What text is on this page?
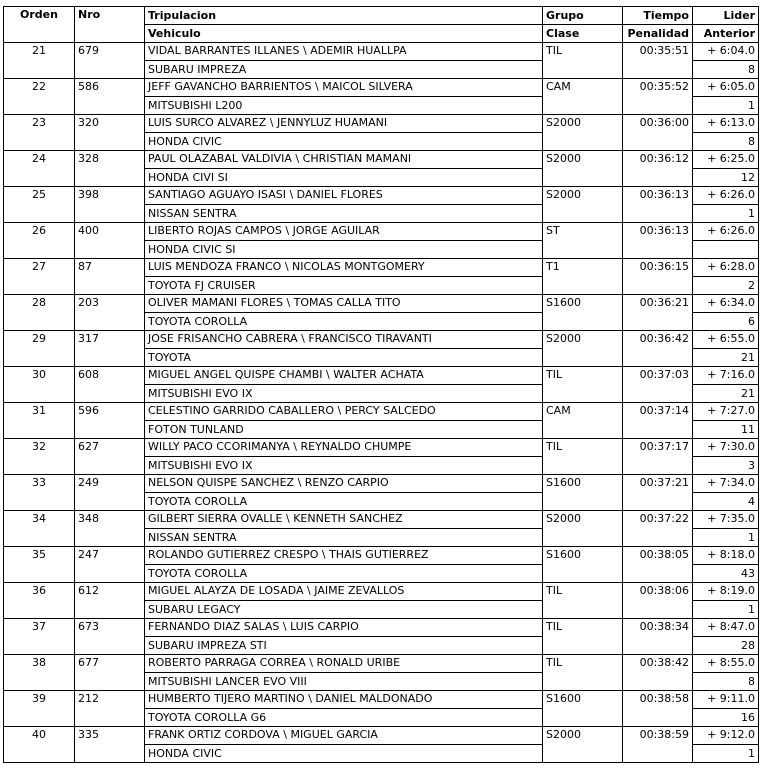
Orden	Nro	Tripulacion	Grupo	Tiempo	Lider
		Vehiculo	Clase	Penalidad	Anterior
21	679	VIDAL BARRANTES ILLANES \ ADEMIR HUALLPA	TIL	00:35:51	+ 6:04.0
		SUBARU IMPREZA			8
22	586	JEFF GAVANCHO BARRIENTOS \ MAICOL SILVERA	CAM	00:35:52	+ 6:05.0
		MITSUBISHI L200			1
23	320	LUIS SURCO ALVAREZ \ JENNYLUZ HUAMANI	S2000	00:36:00	+ 6:13.0
		HONDA CIVIC			8
24	328	PAUL OLAZABAL VALDIVIA \ CHRISTIAN MAMANI	S2000	00:36:12	+ 6:25.0
		HONDA CIVI SI			12
25	398	SANTIAGO AGUAYO ISASI \ DANIEL FLORES	S2000	00:36:13	+ 6:26.0
		NISSAN SENTRA			1
26	400	LIBERTO ROJAS CAMPOS \ JORGE AGUILAR	ST	00:36:13	+ 6:26.0
		HONDA CIVIC SI			
27	87	LUIS MENDOZA FRANCO \ NICOLAS MONTGOMERY	T1	00:36:15	+ 6:28.0
		TOYOTA FJ CRUISER			2
28	203	OLIVER MAMANI FLORES \ TOMAS CALLA TITO	S1600	00:36:21	+ 6:34.0
		TOYOTA COROLLA			6
29	317	JOSE FRISANCHO CABRERA \ FRANCISCO TIRAVANTI	S2000	00:36:42	+ 6:55.0
		TOYOTA			21
30	608	MIGUEL ANGEL QUISPE CHAMBI \ WALTER ACHATA	TIL	00:37:03	+ 7:16.0
		MITSUBISHI EVO IX			21
31	596	CELESTINO GARRIDO CABALLERO \ PERCY SALCEDO	CAM	00:37:14	+ 7:27.0
		FOTON TUNLAND			11
32	627	WILLY PACO CCORIMANYA \ REYNALDO CHUMPE	TIL	00:37:17	+ 7:30.0
		MITSUBISHI EVO IX			3
33	249	NELSON QUISPE SANCHEZ \ RENZO CARPIO	S1600	00:37:21	+ 7:34.0
		TOYOTA COROLLA			4
34	348	GILBERT SIERRA OVALLE \ KENNETH SANCHEZ	S2000	00:37:22	+ 7:35.0
		NISSAN SENTRA			1
35	247	ROLANDO GUTIERREZ CRESPO \ THAIS GUTIERREZ	S1600	00:38:05	+ 8:18.0
		TOYOTA COROLLA			43
36	612	MIGUEL ALAYZA DE LOSADA \ JAIME ZEVALLOS	TIL	00:38:06	+ 8:19.0
		SUBARU LEGACY			1
37	673	FERNANDO DIAZ SALAS \ LUIS CARPIO	TIL	00:38:34	+ 8:47.0
		SUBARU IMPREZA STI			28
38	677	ROBERTO PARRAGA CORREA \ RONALD URIBE	TIL	00:38:42	+ 8:55.0
		MITSUBISHI LANCER EVO VIII			8
39	212	HUMBERTO TIJERO MARTINO \ DANIEL MALDONADO	S1600	00:38:58	+ 9:11.0
		TOYOTA COROLLA G6			16
40	335	FRANK ORTIZ CORDOVA \ MIGUEL GARCIA	S2000	00:38:59	+ 9:12.0
		HONDA CIVIC			1
